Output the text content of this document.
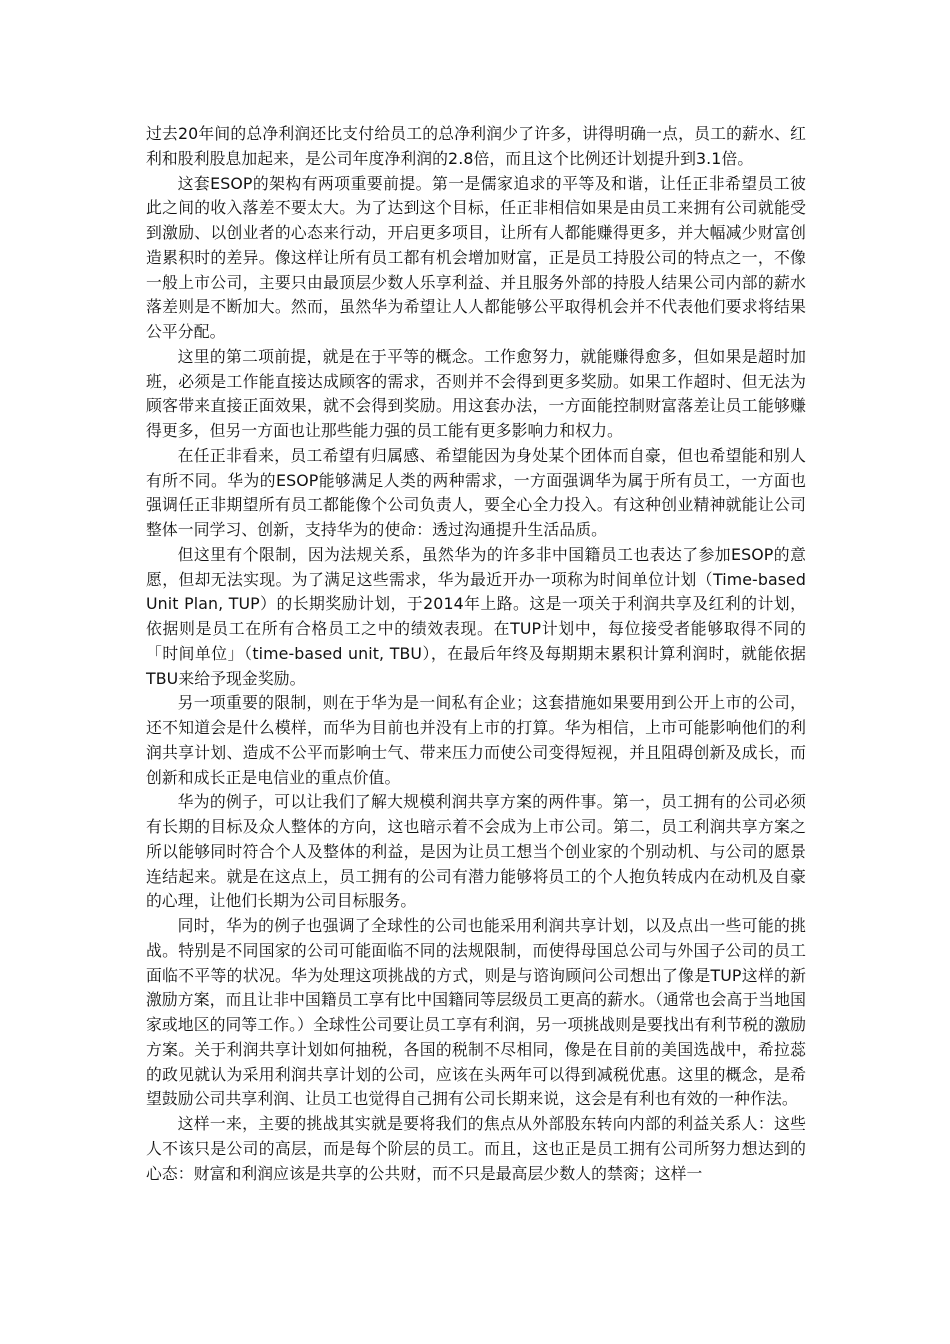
过去20年间的总净利润还比支付给员工的总净利润少了许多，讲得明确一点，员工的薪水、红利和股利股息加起来，是公司年度净利润的2.8倍，而且这个比例还计划提升到3.1倍。

这套ESOP的架构有两项重要前提。第一是儒家追求的平等及和谐，让任正非希望员工彼此之间的收入落差不要太大。为了达到这个目标，任正非相信如果是由员工来拥有公司就能受到激励、以创业者的心态来行动，开启更多项目，让所有人都能赚得更多，并大幅减少财富创造累积时的差异。像这样让所有员工都有机会增加财富，正是员工持股公司的特点之一，不像一般上市公司，主要只由最顶层少数人乐享利益、并且服务外部的持股人结果公司内部的薪水落差则是不断加大。然而，虽然华为希望让人人都能够公平取得机会并不代表他们要求将结果公平分配。

这里的第二项前提，就是在于平等的概念。工作愈努力，就能赚得愈多，但如果是超时加班，必须是工作能直接达成顾客的需求，否则并不会得到更多奖励。如果工作超时、但无法为顾客带来直接正面效果，就不会得到奖励。用这套办法，一方面能控制财富落差让员工能够赚得更多，但另一方面也让那些能力强的员工能有更多影响力和权力。

在任正非看来，员工希望有归属感、希望能因为身处某个团体而自豪，但也希望能和别人有所不同。华为的ESOP能够满足人类的两种需求，一方面强调华为属于所有员工，一方面也强调任正非期望所有员工都能像个公司负责人，要全心全力投入。有这种创业精神就能让公司整体一同学习、创新，支持华为的使命：透过沟通提升生活品质。

但这里有个限制，因为法规关系，虽然华为的许多非中国籍员工也表达了参加ESOP的意愿，但却无法实现。为了满足这些需求，华为最近开办一项称为时间单位计划（Time-based Unit Plan, TUP）的长期奖励计划，于2014年上路。这是一项关于利润共享及红利的计划，依据则是员工在所有合格员工之中的绩效表现。在TUP计划中，每位接受者能够取得不同的「时间单位」（time-based unit, TBU），在最后年终及每期期末累积计算利润时，就能依据TBU来给予现金奖励。

另一项重要的限制，则在于华为是一间私有企业；这套措施如果要用到公开上市的公司，还不知道会是什么模样，而华为目前也并没有上市的打算。华为相信，上市可能影响他们的利润共享计划、造成不公平而影响士气、带来压力而使公司变得短视，并且阻碍创新及成长，而创新和成长正是电信业的重点价值。

华为的例子，可以让我们了解大规模利润共享方案的两件事。第一，员工拥有的公司必须有长期的目标及众人整体的方向，这也暗示着不会成为上市公司。第二，员工利润共享方案之所以能够同时符合个人及整体的利益，是因为让员工想当个创业家的个别动机、与公司的愿景连结起来。就是在这点上，员工拥有的公司有潜力能够将员工的个人抱负转成内在动机及自豪的心理，让他们长期为公司目标服务。

同时，华为的例子也强调了全球性的公司也能采用利润共享计划，以及点出一些可能的挑战。特别是不同国家的公司可能面临不同的法规限制，而使得母国总公司与外国子公司的员工面临不平等的状况。华为处理这项挑战的方式，则是与谘询顾问公司想出了像是TUP这样的新激励方案，而且让非中国籍员工享有比中国籍同等层级员工更高的薪水。（通常也会高于当地国家或地区的同等工作。）全球性公司要让员工享有利润，另一项挑战则是要找出有利节税的激励方案。关于利润共享计划如何抽税，各国的税制不尽相同，像是在目前的美国选战中，希拉蕊的政见就认为采用利润共享计划的公司，应该在头两年可以得到减税优惠。这里的概念，是希望鼓励公司共享利润、让员工也觉得自己拥有公司长期来说，这会是有利也有效的一种作法。

这样一来，主要的挑战其实就是要将我们的焦点从外部股东转向内部的利益关系人：这些人不该只是公司的高层，而是每个阶层的员工。而且，这也正是员工拥有公司所努力想达到的心态：财富和利润应该是共享的公共财，而不只是最高层少数人的禁脔；这样一
